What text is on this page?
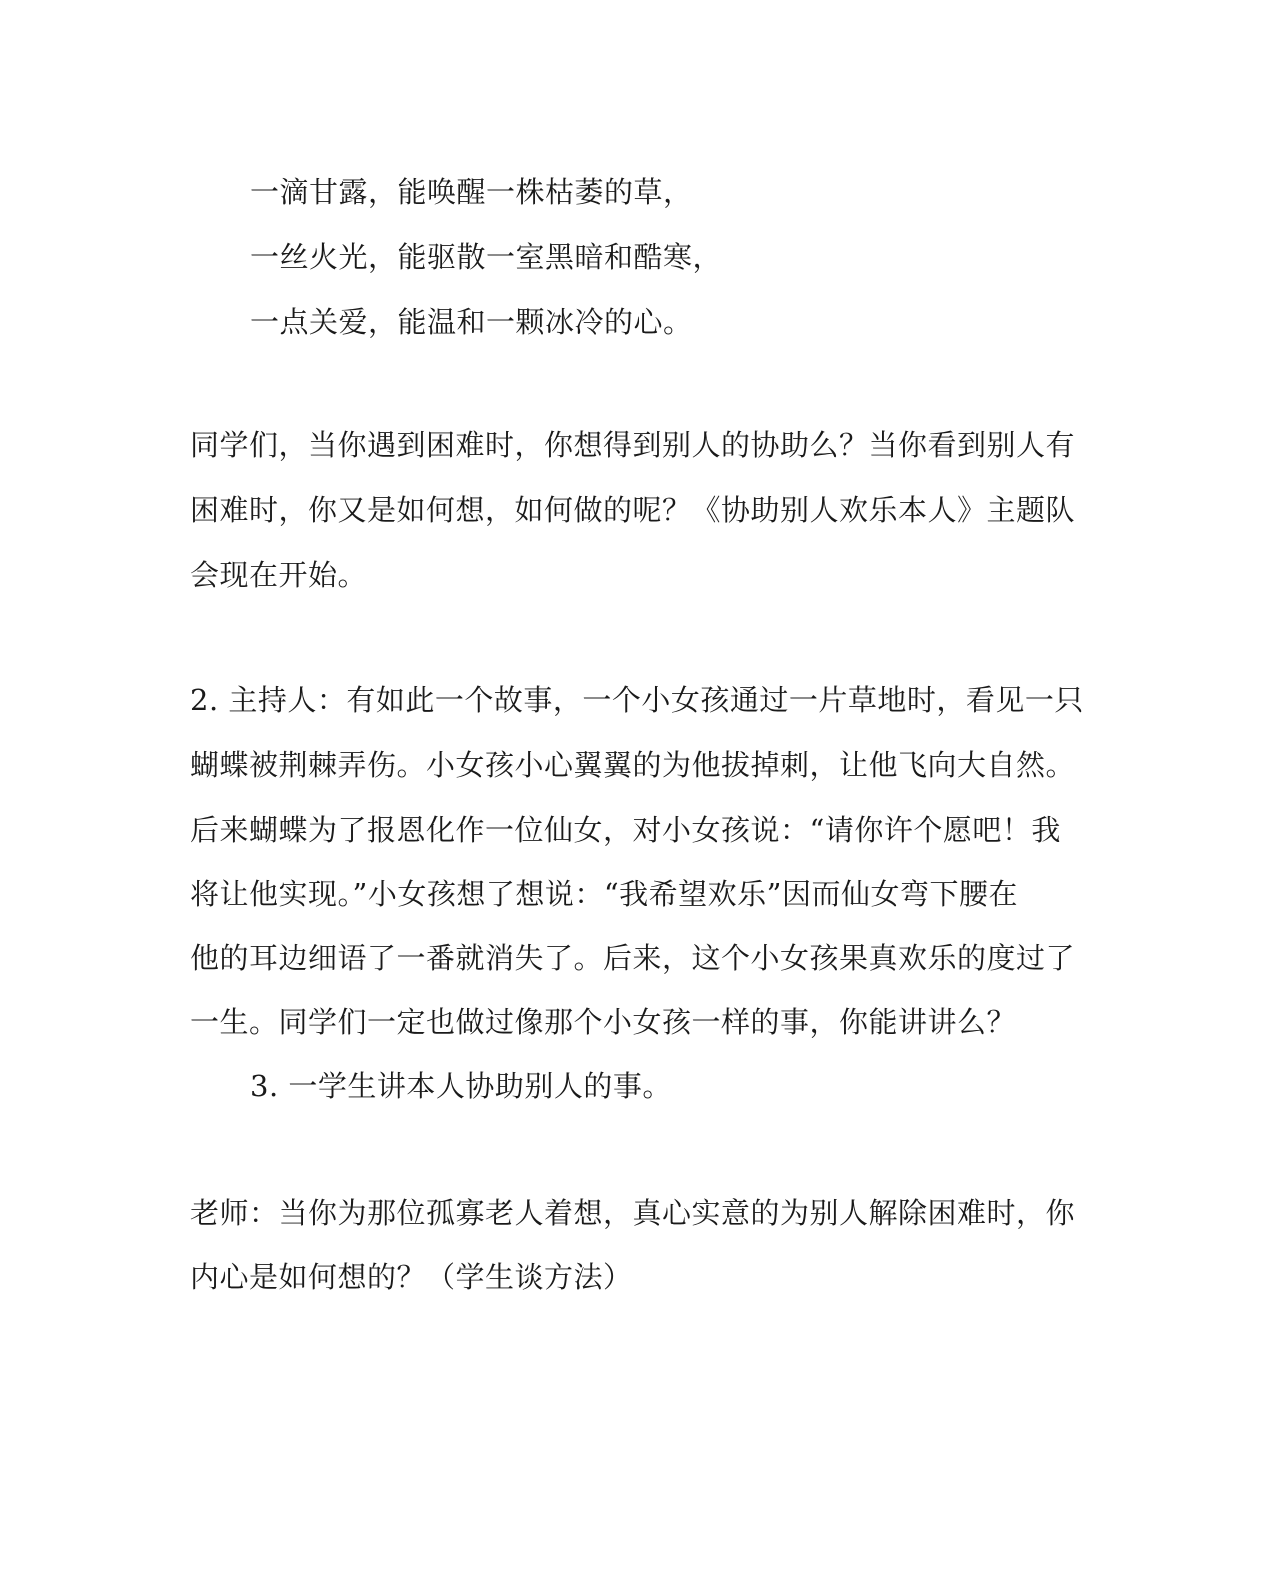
一滴甘露，能唤醒一株枯萎的草，
一丝火光，能驱散一室黑暗和酷寒，
一点关爱，能温和一颗冰冷的心。
同学们，当你遇到困难时，你想得到别人的协助么？当你看到别人有
困难时，你又是如何想，如何做的呢？《协助别人欢乐本人》主题队
会现在开始。
2. 主持人：有如此一个故事，一个小女孩通过一片草地时，看见一只
蝴蝶被荆棘弄伤。小女孩小心翼翼的为他拔掉刺，让他飞向大自然。
后来蝴蝶为了报恩化作一位仙女，对小女孩说：“请你许个愿吧！我
将让他实现。”小女孩想了想说：“我希望欢乐”因而仙女弯下腰在
他的耳边细语了一番就消失了。后来，这个小女孩果真欢乐的度过了
一生。同学们一定也做过像那个小女孩一样的事，你能讲讲么？
3. 一学生讲本人协助别人的事。
老师：当你为那位孤寡老人着想，真心实意的为别人解除困难时，你
内心是如何想的？（学生谈方法）
